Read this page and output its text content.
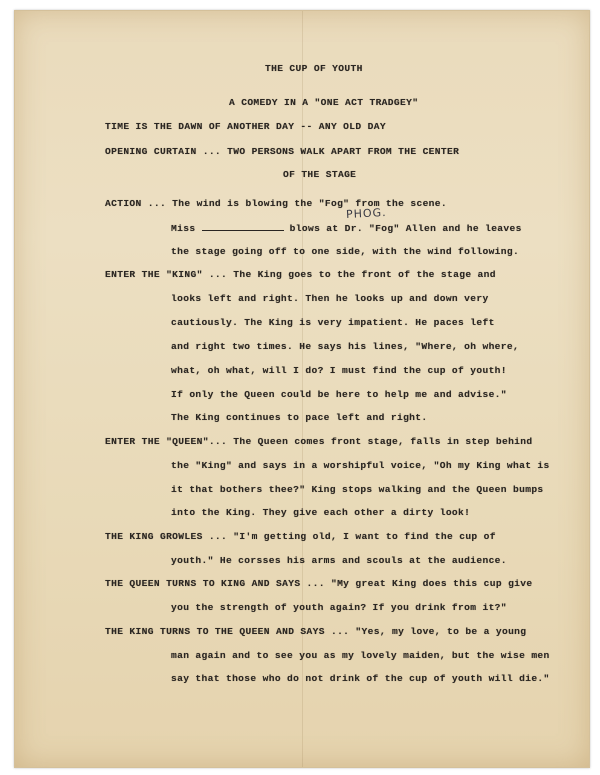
THE CUP OF YOUTH
A COMEDY IN A "ONE ACT TRADGEY"
TIME IS THE DAWN OF ANOTHER DAY -- ANY OLD DAY
OPENING CURTAIN ... TWO PERSONS WALK APART FROM THE CENTER
OF THE STAGE
PHOG.
ACTION ... The wind is blowing the "Fog" from the scene.
Miss	blows at Dr. "Fog" Allen and he leaves
the stage going off to one side, with the wind following.
ENTER THE "KING" ... The King goes to the front of the stage and
looks left and right. Then he looks up and down very
cautiously. The King is very impatient. He paces left
and right two times. He says his lines, "Where, oh where,
what, oh what, will I do? I must find the cup of youth!
If only the Queen could be here to help me and advise."
The King continues to pace left and right.
ENTER THE "QUEEN"... The Queen comes front stage, falls in step behind
the "King" and says in a worshipful voice, "Oh my King what is
it that bothers thee?" King stops walking and the Queen bumps
into the King. They give each other a dirty look!
THE KING GROWLES ... "I'm getting old, I want to find the cup of
youth." He corsses his arms and scouls at the audience.
THE QUEEN TURNS TO KING AND SAYS ... "My great King does this cup give
you the strength of youth again? If you drink from it?"
THE KING TURNS TO THE QUEEN AND SAYS ... "Yes, my love, to be a young
man again and to see you as my lovely maiden, but the wise men
say that those who do not drink of the cup of youth will die."
